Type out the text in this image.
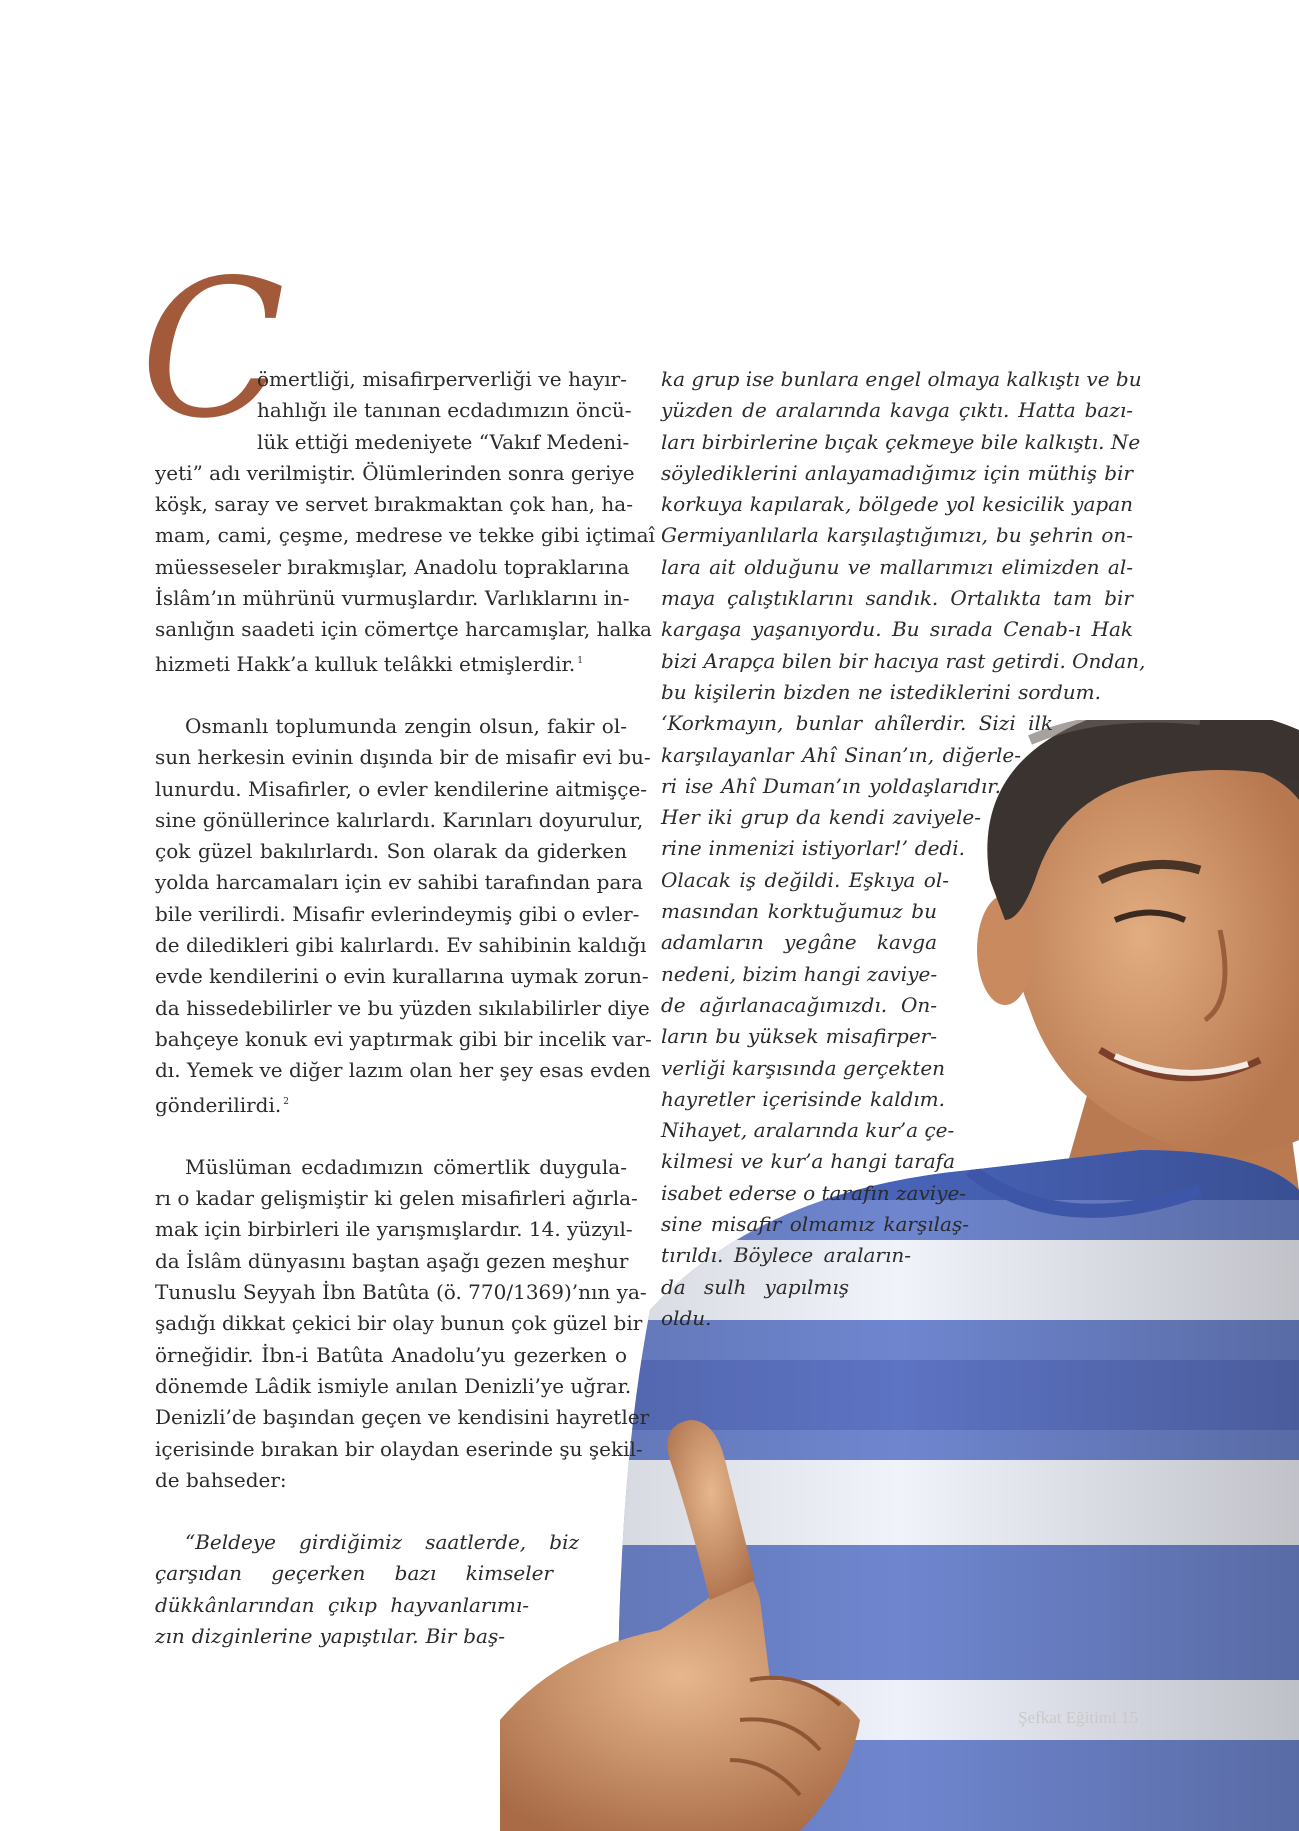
C
ömertliği, misafirperverliği ve hayır-
hahlığı ile tanınan ecdadımızın öncü-
lük ettiği medeniyete “Vakıf Medeni-
yeti” adı verilmiştir. Ölümlerinden sonra geriye
köşk, saray ve servet bırakmaktan çok han, ha-
mam, cami, çeşme, medrese ve tekke gibi içtimaî
müesseseler bırakmışlar, Anadolu topraklarına
İslâm’ın mührünü vurmuşlardır. Varlıklarını in-
sanlığın saadeti için cömertçe harcamışlar, halka
hizmeti Hakk’a kulluk telâkki etmişlerdir. $^1$
Osmanlı toplumunda zengin olsun, fakir ol-
sun herkesin evinin dışında bir de misafir evi bu-
lunurdu. Misafirler, o evler kendilerine aitmişçe-
sine gönüllerince kalırlardı. Karınları doyurulur,
çok güzel bakılırlardı. Son olarak da giderken
yolda harcamaları için ev sahibi tarafından para
bile verilirdi. Misafir evlerindeymiş gibi o evler-
de diledikleri gibi kalırlardı. Ev sahibinin kaldığı
evde kendilerini o evin kurallarına uymak zorun-
da hissedebilirler ve bu yüzden sıkılabilirler diye
bahçeye konuk evi yaptırmak gibi bir incelik var-
dı. Yemek ve diğer lazım olan her şey esas evden
gönderilirdi. $^2$
Müslüman ecdadımızın cömertlik duygula-
rı o kadar gelişmiştir ki gelen misafirleri ağırla-
mak için birbirleri ile yarışmışlardır. 14. yüzyıl-
da İslâm dünyasını baştan aşağı gezen meşhur
Tunuslu Seyyah İbn Batûta (ö. 770/1369)’nın ya-
şadığı dikkat çekici bir olay bunun çok güzel bir
örneğidir. İbn-i Batûta Anadolu’yu gezerken o
dönemde Lâdik ismiyle anılan Denizli’ye uğrar.
Denizli’de başından geçen ve kendisini hayretler
içerisinde bırakan bir olaydan eserinde şu şekil-
de bahseder:
“Beldeye girdiğimiz saatlerde, biz
çarşıdan geçerken bazı kimseler
dükkânlarından çıkıp hayvanlarımı-
zın dizginlerine yapıştılar. Bir baş-
ka grup ise bunlara engel olmaya kalkıştı ve bu
yüzden de aralarında kavga çıktı. Hatta bazı-
ları birbirlerine bıçak çekmeye bile kalkıştı. Ne
söylediklerini anlayamadığımız için müthiş bir
korkuya kapılarak, bölgede yol kesicilik yapan
Germiyanlılarla karşılaştığımızı, bu şehrin on-
lara ait olduğunu ve mallarımızı elimizden al-
maya çalıştıklarını sandık. Ortalıkta tam bir
kargaşa yaşanıyordu. Bu sırada Cenab-ı Hak
bizi Arapça bilen bir hacıya rast getirdi. Ondan,
bu kişilerin bizden ne istediklerini sordum.
‘Korkmayın, bunlar ahîlerdir. Sizi ilk
karşılayanlar Ahî Sinan’ın, diğerle-
ri ise Ahî Duman’ın yoldaşlarıdır.
Her iki grup da kendi zaviyele-
rine inmenizi istiyorlar!’ dedi.
Olacak iş değildi. Eşkıya ol-
masından korktuğumuz bu
adamların yegâne kavga
nedeni, bizim hangi zaviye-
de ağırlanacağımızdı. On-
ların bu yüksek misafirper-
verliği karşısında gerçekten
hayretler içerisinde kaldım.
Nihayet, aralarında kur’a çe-
kilmesi ve kur’a hangi tarafa
isabet ederse o tarafın zaviye-
sine misafir olmamız karşılaş-
tırıldı. Böylece araların-
da sulh yapılmış
oldu.
Şefkat Eğitimi 15
